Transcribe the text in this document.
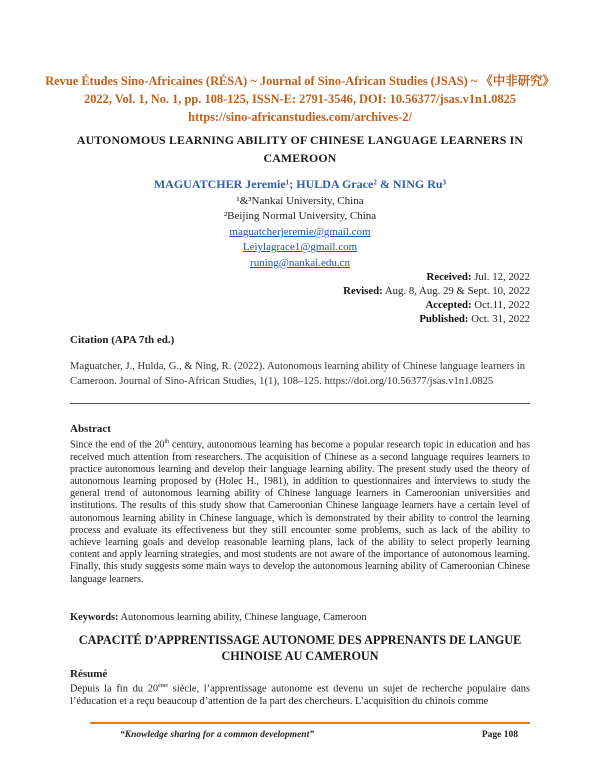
Revue Études Sino-Africaines (RÉSA) ~ Journal of Sino-African Studies (JSAS) ~ 《中非研究》
2022, Vol. 1, No. 1, pp. 108-125, ISSN-E: 2791-3546, DOI: 10.56377/jsas.v1n1.0825
https://sino-africanstudies.com/archives-2/
AUTONOMOUS LEARNING ABILITY OF CHINESE LANGUAGE LEARNERS IN CAMEROON
MAGUATCHER Jeremie¹; HULDA Grace² & NING Ru³
¹&³Nankai University, China
²Beijing Normal University, China
maguatcherjeremie@gmail.com
Leiylagrace1@gmail.com
runing@nankai.edu.cn
Received: Jul. 12, 2022
Revised: Aug. 8, Aug. 29 & Sept. 10, 2022
Accepted: Oct.11, 2022
Published: Oct. 31, 2022
Citation (APA 7th ed.)
Maguatcher, J., Hulda, G., & Ning, R. (2022). Autonomous learning ability of Chinese language learners in Cameroon. Journal of Sino-African Studies, 1(1), 108–125. https://doi.org/10.56377/jsas.v1n1.0825
Abstract
Since the end of the 20th century, autonomous learning has become a popular research topic in education and has received much attention from researchers. The acquisition of Chinese as a second language requires learners to practice autonomous learning and develop their language learning ability. The present study used the theory of autonomous learning proposed by (Holec H., 1981), in addition to questionnaires and interviews to study the general trend of autonomous learning ability of Chinese language learners in Cameroonian universities and institutions. The results of this study show that Cameroonian Chinese language learners have a certain level of autonomous learning ability in Chinese language, which is demonstrated by their ability to control the learning process and evaluate its effectiveness but they still encounter some problems, such as lack of the ability to achieve learning goals and develop reasonable learning plans, lack of the ability to select properly learning content and apply learning strategies, and most students are not aware of the importance of autonomous learning. Finally, this study suggests some main ways to develop the autonomous learning ability of Cameroonian Chinese language learners.
Keywords: Autonomous learning ability, Chinese language, Cameroon
CAPACITÉ D’APPRENTISSAGE AUTONOME DES APPRENANTS DE LANGUE CHINOISE AU CAMEROUN
Résumé
Depuis la fin du 20ème siècle, l’apprentissage autonome est devenu un sujet de recherche populaire dans l’éducation et a reçu beaucoup d’attention de la part des chercheurs. L’acquisition du chinois comme
“Knowledge sharing for a common development”	Page 108
